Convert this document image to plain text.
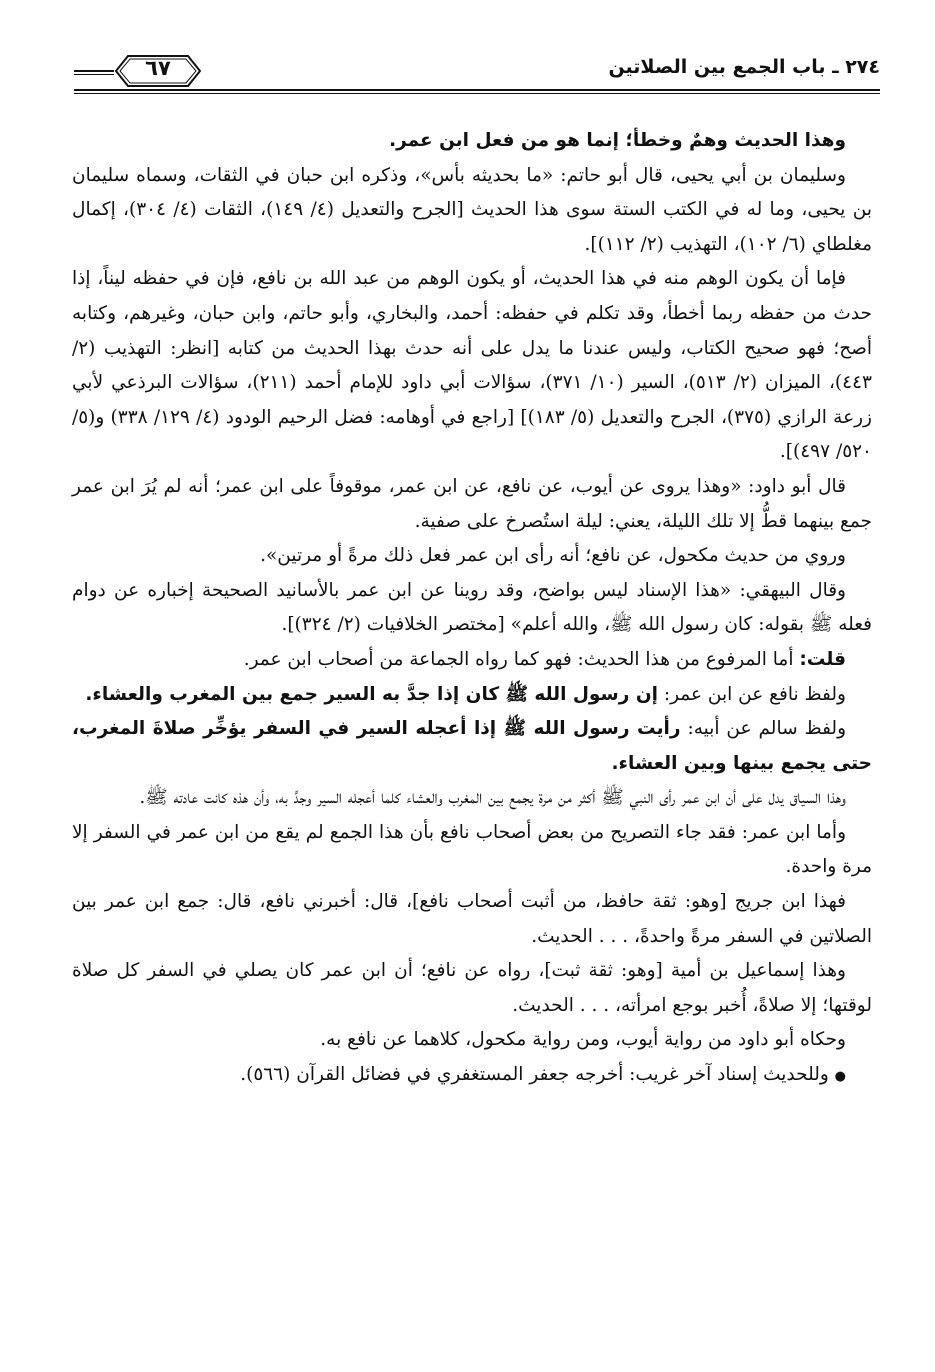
٢٧٤ ـ باب الجمع بين الصلاتين
٦٧

وهذا الحديث وهمٌ وخطأ؛ إنما هو من فعل ابن عمر.

وسليمان بن أبي يحيى، قال أبو حاتم: «ما بحديثه بأس»، وذكره ابن حبان في الثقات، وسماه سليمان بن يحيى، وما له في الكتب الستة سوى هذا الحديث [الجرح والتعديل (٤/ ١٤٩)، الثقات (٤/ ٣٠٤)، إكمال مغلطاي (٦/ ١٠٢)، التهذيب (٢/ ١١٢)].

فإما أن يكون الوهم منه في هذا الحديث، أو يكون الوهم من عبد الله بن نافع، فإن في حفظه ليناً، إذا حدث من حفظه ربما أخطأ، وقد تكلم في حفظه: أحمد، والبخاري، وأبو حاتم، وابن حبان، وغيرهم، وكتابه أصح؛ فهو صحيح الكتاب، وليس عندنا ما يدل على أنه حدث بهذا الحديث من كتابه [انظر: التهذيب (٢/ ٤٤٣)، الميزان (٢/ ٥١٣)، السير (١٠/ ٣٧١)، سؤالات أبي داود للإمام أحمد (٢١١)، سؤالات البرذعي لأبي زرعة الرازي (٣٧٥)، الجرح والتعديل (٥/ ١٨٣)] [راجع في أوهامه: فضل الرحيم الودود (٤/ ١٢٩/ ٣٣٨) و(٥/ ٥٢٠/ ٤٩٧)].

قال أبو داود: «وهذا يروى عن أيوب، عن نافع، عن ابن عمر، موقوفاً على ابن عمر؛ أنه لم يُرَ ابن عمر جمع بينهما قطُّ إلا تلك الليلة، يعني: ليلة استُصرخ على صفية.

وروي من حديث مكحول، عن نافع؛ أنه رأى ابن عمر فعل ذلك مرةً أو مرتين».

وقال البيهقي: «هذا الإسناد ليس بواضح، وقد روينا عن ابن عمر بالأسانيد الصحيحة إخباره عن دوام فعله ﷺ بقوله: كان رسول الله ﷺ، والله أعلم» [مختصر الخلافيات (٢/ ٣٢٤)].

قلت: أما المرفوع من هذا الحديث: فهو كما رواه الجماعة من أصحاب ابن عمر.

ولفظ نافع عن ابن عمر: إن رسول الله ﷺ كان إذا جدَّ به السير جمع بين المغرب والعشاء.

ولفظ سالم عن أبيه: رأيت رسول الله ﷺ إذا أعجله السير في السفر يؤخِّر صلاةَ المغرب، حتى يجمع بينها وبين العشاء.

وهذا السياق يدل على أن ابن عمر رأى النبي ﷺ أكثر من مرة يجمع بين المغرب والعشاء كلما أعجله السير وجدَّ به، وأن هذه كانت عادته ﷺ.

وأما ابن عمر: فقد جاء التصريح من بعض أصحاب نافع بأن هذا الجمع لم يقع من ابن عمر في السفر إلا مرة واحدة.

فهذا ابن جريج [وهو: ثقة حافظ، من أثبت أصحاب نافع]، قال: أخبرني نافع، قال: جمع ابن عمر بين الصلاتين في السفر مرةً واحدةً، . . . الحديث.

وهذا إسماعيل بن أمية [وهو: ثقة ثبت]، رواه عن نافع؛ أن ابن عمر كان يصلي في السفر كل صلاة لوقتها؛ إلا صلاةً، أُخبر بوجع امرأته، . . . الحديث.

وحكاه أبو داود من رواية أيوب، ومن رواية مكحول، كلاهما عن نافع به.

● وللحديث إسناد آخر غريب: أخرجه جعفر المستغفري في فضائل القرآن (٥٦٦).
